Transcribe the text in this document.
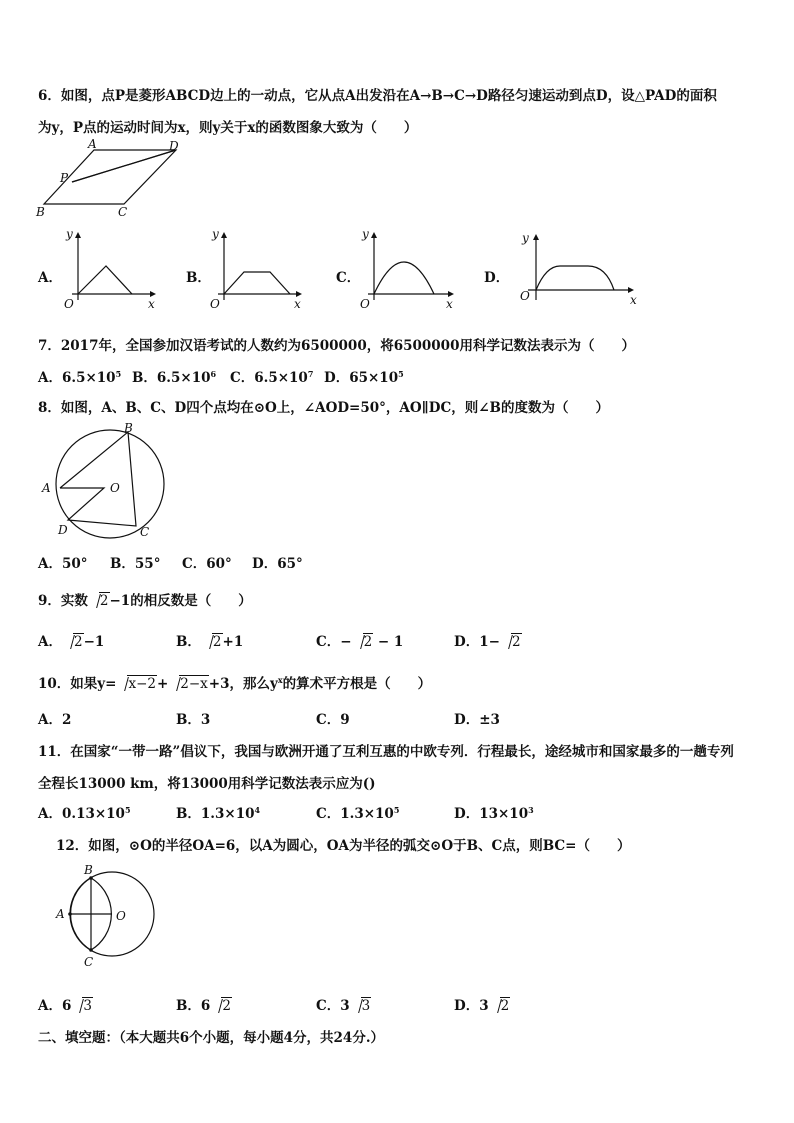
6．如图，点P是菱形ABCD边上的一动点，它从点A出发沿在A→B→C→D路径匀速运动到点D，设△PAD的面积
为y，P点的运动时间为x，则y关于x的函数图象大致为（　　）
A	D
P
B	C
A．
y
O	x
B．
y
O	x
C．
y
O	x
D．
y
O	x
7．2017年，全国参加汉语考试的人数约为6500000，将6500000用科学记数法表示为（　　）
A．$6.5\times 10^5$ B．$6.5\times 10^6$ C．$6.5\times 10^7$ D．$65\times 10^5$
8．如图，A、B、C、D四个点均在⊙O上，∠AOD=50°，AO∥DC，则∠B的度数为（　　）
A
B
C
D
O
A．50° B．55° C．60° D．65°
9．实数 2−1的相反数是（　　）
A． 2−1	B． 2+1	C．− 2 − 1	D．1− 2
10．如果y= x−2+ 2−x+3，那么$y^x$的算术平方根是（　　）
A．2	B．3	C．9	D．±3
11．在国家“一带一路”倡议下，我国与欧洲开通了互利互惠的中欧专列．行程最长，途经城市和国家最多的一趟专列
全程长13000 km，将13000用科学记数法表示应为()
A．$0.13\times 10^5$	B．$1.3\times 10^4$	C．$1.3\times 10^5$	D．$13\times 10^3$
12．如图，⊙O的半径OA=6，以A为圆心，OA为半径的弧交⊙O于B、C点，则BC=（　　）
B
A	O
C
A．6 3	B．6 2	C．3 3	D．3 2
二、填空题：（本大题共6个小题，每小题4分，共24分.）
